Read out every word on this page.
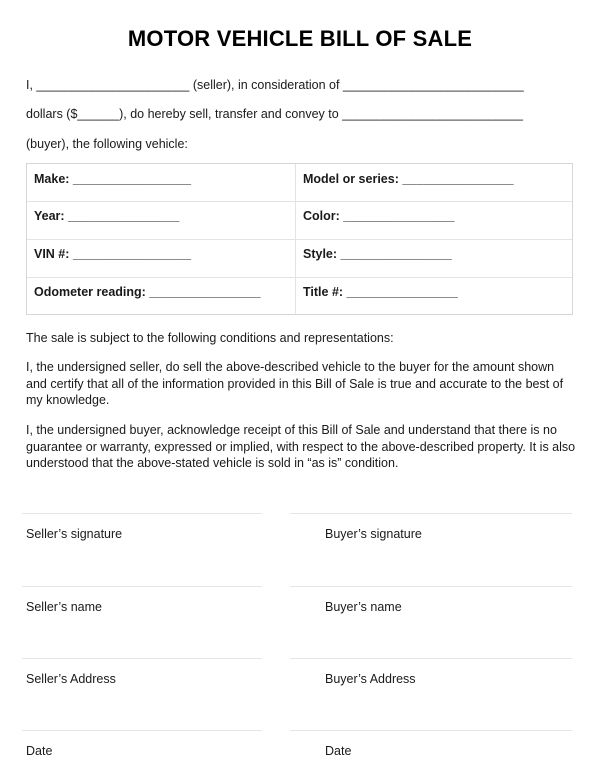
MOTOR VEHICLE BILL OF SALE
I, ______________________ (seller), in consideration of __________________________
dollars ($______), do hereby sell, transfer and convey to __________________________
(buyer), the following vehicle:
Make: _________________	Model or series: ________________
Year: ________________	Color: ________________
VIN #: _________________	Style: ________________
Odometer reading: ________________	Title #: ________________
The sale is subject to the following conditions and representations:
I, the undersigned seller, do sell the above-described vehicle to the buyer for the amount shown and certify that all of the information provided in this Bill of Sale is true and accurate to the best of my knowledge.
I, the undersigned buyer, acknowledge receipt of this Bill of Sale and understand that there is no guarantee or warranty, expressed or implied, with respect to the above-described property. It is also understood that the above-stated vehicle is sold in “as is” condition.
Seller’s signature	Buyer’s signature
Seller’s name	Buyer’s name
Seller’s Address	Buyer’s Address
Date	Date
